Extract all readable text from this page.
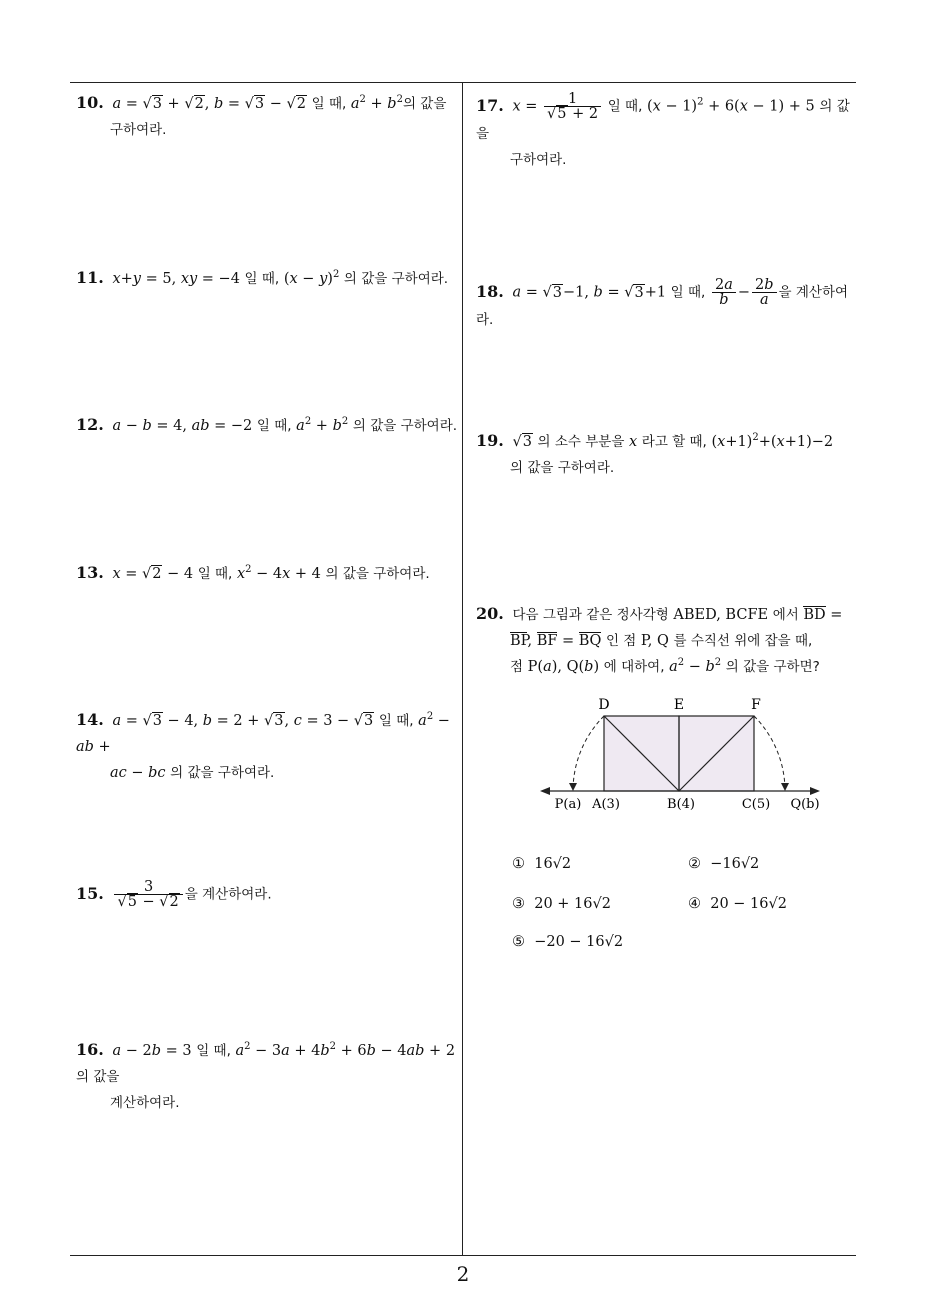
10. a = √3 + √2, b = √3 − √2 일 때, $a^2 + b^2$의 값을
구하여라.
11. x+y = 5, xy = −4 일 때, $(x - y)^2$ 의 값을 구하여라.
12. a − b = 4, ab = −2 일 때, $a^2 + b^2$ 의 값을 구하여라.
13. x = √2 − 4 일 때, $x^2 - 4x + 4$ 의 값을 구하여라.
14. a = √3 − 4, b = 2 + √3, c = 3 − √3 일 때, $a^2$ − ab +
ac − bc 의 값을 구하여라.
15. $\frac{3}{√5 - √2}$ 을 계산하여라.
16. a − 2b = 3 일 때, $a^2 - 3a + 4b^2 + 6b - 4ab + 2$ 의 값을
계산하여라.
17. $x = \frac{1}{√5 + 2}$ 일 때, $(x - 1)^2 + 6(x - 1) + 5$ 의 값을
구하여라.
18. a = √3−1, b = √3+1 일 때, $\frac{2a}{b} - \frac{2b}{a}$ 을 계산하여라.
19. √3 의 소수 부분을 x 라고 할 때, $(x+1)^2+(x+1)-2$
의 값을 구하여라.
20. 다음 그림과 같은 정사각형 ABED, BCFE 에서 BD =
BP, BF = BQ 인 점 P, Q 를 수직선 위에 잡을 때,
점 P(a), Q(b) 에 대하여, $a^2 - b^2$ 의 값을 구하면?
D	E	F
P(a) A(3)	B(4)	C(5) Q(b)
① 16√2	② −16√2
③ 20 + 16√2	④ 20 − 16√2
⑤ −20 − 16√2
2
